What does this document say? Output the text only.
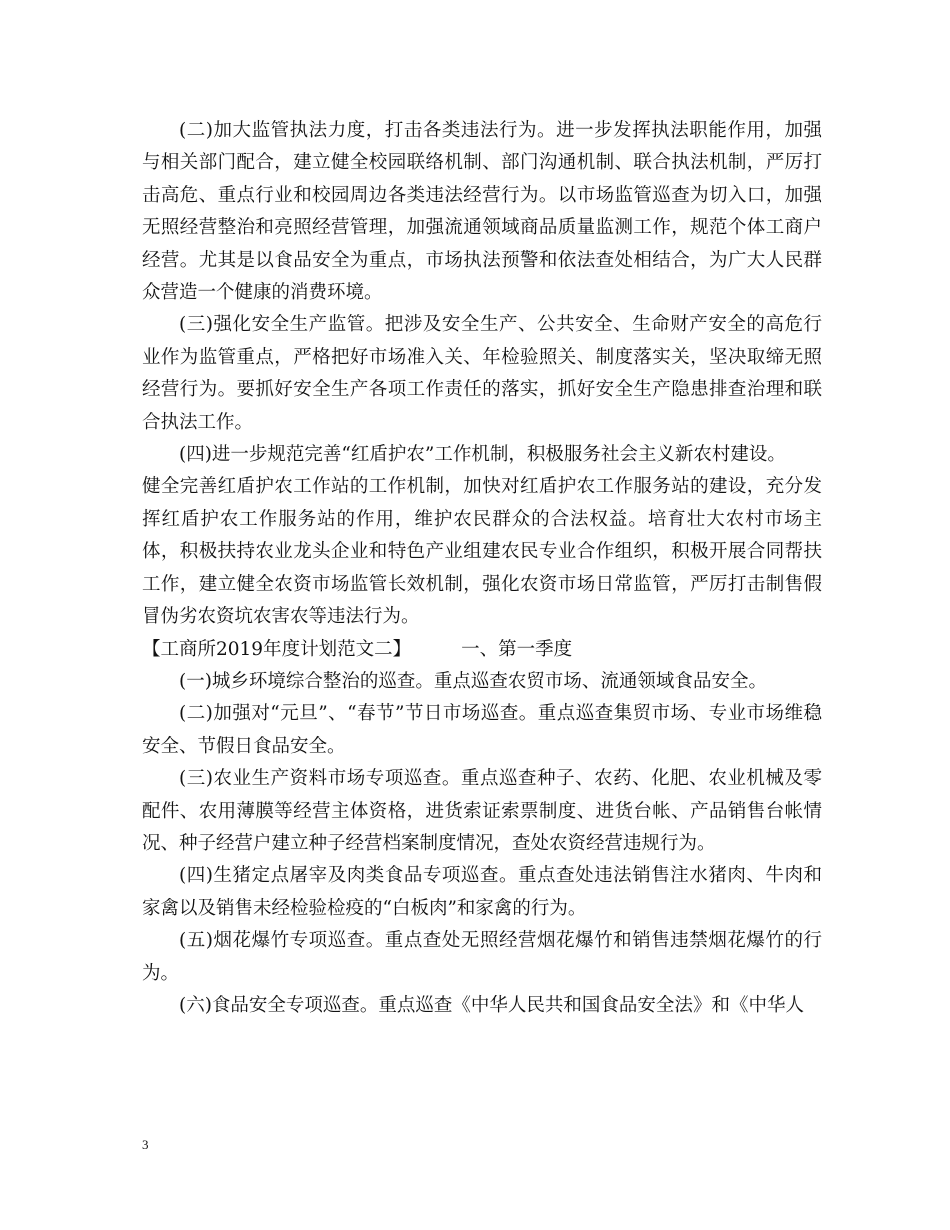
(二)加大监管执法力度，打击各类违法行为。进一步发挥执法职能作用，加强与相关部门配合，建立健全校园联络机制、部门沟通机制、联合执法机制，严厉打击高危、重点行业和校园周边各类违法经营行为。以市场监管巡查为切入口，加强无照经营整治和亮照经营管理，加强流通领域商品质量监测工作，规范个体工商户经营。尤其是以食品安全为重点，市场执法预警和依法查处相结合，为广大人民群众营造一个健康的消费环境。

(三)强化安全生产监管。把涉及安全生产、公共安全、生命财产安全的高危行业作为监管重点，严格把好市场准入关、年检验照关、制度落实关，坚决取缔无照经营行为。要抓好安全生产各项工作责任的落实，抓好安全生产隐患排查治理和联合执法工作。

(四)进一步规范完善“红盾护农”工作机制，积极服务社会主义新农村建设。

健全完善红盾护农工作站的工作机制，加快对红盾护农工作服务站的建设，充分发挥红盾护农工作服务站的作用，维护农民群众的合法权益。培育壮大农村市场主体，积极扶持农业龙头企业和特色产业组建农民专业合作组织，积极开展合同帮扶工作，建立健全农资市场监管长效机制，强化农资市场日常监管，严厉打击制售假冒伪劣农资坑农害农等违法行为。

【工商所2019年度计划范文二】	一、第一季度

(一)城乡环境综合整治的巡查。重点巡查农贸市场、流通领域食品安全。

(二)加强对“元旦”、“春节”节日市场巡查。重点巡查集贸市场、专业市场维稳安全、节假日食品安全。

(三)农业生产资料市场专项巡查。重点巡查种子、农药、化肥、农业机械及零配件、农用薄膜等经营主体资格，进货索证索票制度、进货台帐、产品销售台帐情况、种子经营户建立种子经营档案制度情况，查处农资经营违规行为。

(四)生猪定点屠宰及肉类食品专项巡查。重点查处违法销售注水猪肉、牛肉和家禽以及销售未经检验检疫的“白板肉”和家禽的行为。

(五)烟花爆竹专项巡查。重点查处无照经营烟花爆竹和销售违禁烟花爆竹的行为。

(六)食品安全专项巡查。重点巡查《中华人民共和国食品安全法》和《中华人

3
